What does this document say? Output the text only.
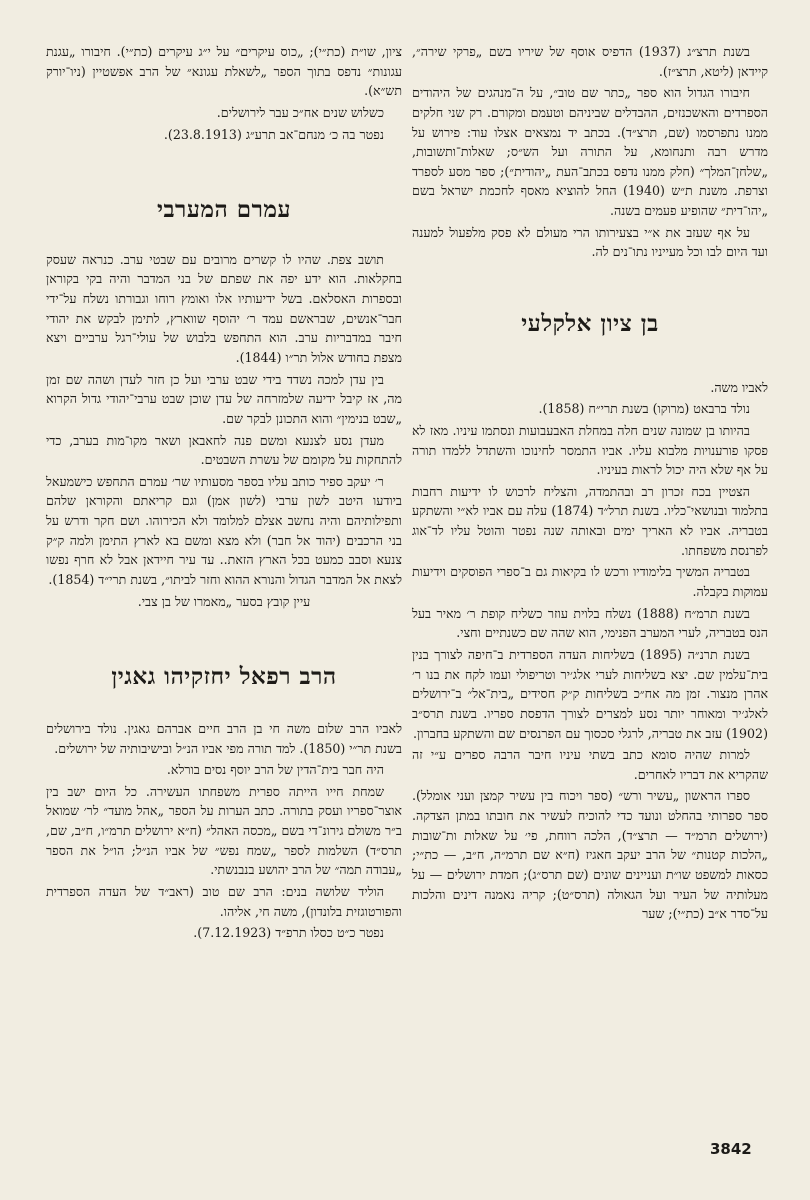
בשנת תרצ״ג (1937) הדפיס אוסף של שיריו בשם „פרקי שירה״, קיידאן (ליטא, תרצ״ז).

חיבורו הגדול הוא ספר „כתר שם טוב״, על ה־מנהגים של היהודים הספרדים והאשכנזים, ההבדלים שביניהם וטעמם ומקורם. רק שני חלקים ממנו נתפרסמו (שם, תרצ״ד). בכתב יד נמצאים אצלו עוד: פירוש על מדרש רבה ותנחומא, על התורה ועל הש״ס; שאלות־ותשובות, „שלחן־המלך״ (חלק ממנו נדפס בכתב־העת „יהודית״); ספר מסע לספרד וצרפת. משנת ת״ש (1940) החל להוציא מאסף לחכמת ישראל בשם „יהו־דית״ שהופיע פעמים בשנה.

על אף שעזב את א״י בצעירותו הרי מעולם לא פסק מלפעול למענה ועד היום לבו וכל מעייניו נתו־נים לה.

בן ציון אלקלעי

לאביו משה.

נולד ברבאט (מרוקו) בשנת תרי״ח (1858).

בהיותו בן שמונה שנים חלה במחלת האבעבועות ונסתמו עיניו. מאז לא פסקו פורענויות מלבוא עליו. אביו התמסר לחינוכו והשתדל ללמדו תורה על אף שלא היה יכול לראות בעיניו.

הצטיין בכח זכרון רב ובהתמדה, והצליח לרכוש לו ידיעות רחבות בתלמוד ובנושאי־כליו. בשנת תרל״ד (1874) עלה עם אביו לא״י והשתקע בטבריה. אביו לא האריך ימים ובאותה שנה נפטר והוטל עליו לד־אוג לפרנסת משפחתו.

בטבריה המשיך בלימודיו ורכש לו בקיאות גם ב־ספרי הפוסקים וידיעות עמוקות בקבלה.

בשנת תרמ״ח (1888) נשלח בלוית עוזר כשליח קופת ר׳ מאיר בעל הנס בטבריה, לערי המערב הפנימי, הוא שהה שם כשנתיים וחצי.

בשנת תרנ״ה (1895) בשליחות העדה הספרדית ב־חיפה לצורך בנין בית־עלמין שם. יצא בשליחות לערי אלג׳יר וטריפולי ועמו לקח את בנו ר׳ אהרן מנצור. זמן מה אח״כ בשליחות ק״ק חסידים „בית־אל״ ב־ירושלים לאלג׳יר ומאוחר יותר נסע למצרים לצורך הדפסת ספריו. בשנת תרס״ב (1902) עזב את טבריה, לרגלי סכסוך עם הפרנסים שם והשתקע בחברון.

למרות שהיה סומא כתב בשתי עיניו חיבר הרבה ספרים ע״י זה שהקריא את דבריו לאחרים.

ספרו הראשון „עשיר ורש״ (ספר ויכוח בין עשיר קמצן ועני אומלל). ספר ספרותי בהחלט ונועד כדי להוכיח לעשיר את חובתו במתן הצדקה. (ירושלים תרמ״ד — תרצ״ד), הלכה רווחת, פי׳ על שאלות ות־שובות „הלכות קטנות״ של הרב יעקב חאגיז (ח״א שם תרמ״ה, ח״ב, — כת״י; כסאות למשפט שו״ת ועניינים שונים (שם תרס״ג); חמדת ירושלים — על מעלותיה של העיר ועל הגאולה (תרס״ט); קריה נאמנה דינים והלכות על־סדר א״ב (כת״י); שער

ציון, שו״ת (כת״י); „כוס עיקרים״ על י״ג עיקרים (כת״י). חיבורו „עגנת עגונות״ נדפס בתוך הספר „לשאלת עגונא״ של הרב אפשטיין (ניו־יורק תש״א).

כשלוש שנים אח״כ עבר לירושלים.

נפטר בה כ׳ מנחם־אב תרע״ג (23.8.1913).

עמרם המערבי

תושב צפת. שהיו לו קשרים מרובים עם שבטי ערב. כנראה שעסק בחקלאות. הוא ידע יפה את שפתם של בני המדבר והיה בקי בקוראן ובספרות האסלאם. בשל ידיעותיו אלו ואומץ רוחו וגבורתו נשלח על־ידי חבר־אנשים, שבראשם עמד ר׳ יהוסף שווארץ, לתימן לבקש את יהודי חיבר במדבריות ערב. הוא התחפש בלבוש של עולי־רגל ערביים ויצא מצפת בחודש אלול תר״ו (1844).

בין עדן למכה נשדד בידי שבט ערבי ועל כן חזר לעדן ושהה שם זמן מה, אז קיבל ידיעה שלמזרחה של עדן שוכן שבט ערבי־יהודי גדול הקרוא „שבט בנימין״ והוא התכונן לבקר שם.

מעדן נסע לצנעא ומשם פנה לחאבאן ושאר מקו־מות בערב, כדי להתחקות על מקומם של עשרת השבטים.

ר׳ יעקב ספיר כותב עליו בספר מסעותיו שר׳ עמרם התחפש כישמעאל ביודעו היטב לשון ערבי (לשון אמן) וגם קריאתם והקוראן שלהם ותפילותיהם והיה נחשב אצלם למלומד ולא הכירוהו. ושם חקר ודרש על בני הרכבים (יהוד אל חבר) ולא מצא ומשם בא לארץ התימן ולמה ק״ק צנעא וסבב כמעט בכל הארץ הזאת.. עד עיר חיידאן אבל לא חרף נפשו לצאת אל המדבר הגדול והנורא ההוא וחזר לביתו״, בשנת תרי״ד (1854).

עיין קובץ בסער „מאמרו של בן צבי.

הרב רפאל יחזקיהו גאגין

לאביו הרב שלום משה חי בן הרב חיים אברהם גאגין. נולד בירושלים בשנת תר״י (1850). למד תורה מפי אביו הנ״ל ובישיבותיה של ירושלים.

היה חבר בית־הדין של הרב יוסף נסים בורלא.

שמחת חייו הייתה ספרית משפחתו העשירה. כל היום ישב בין אוצר־ספריו ועסק בתורה. כתב הערות על הספר „אהל מועד״ לר׳ שמואל ב״ר משולם גירונ־די בשם „מכסה האהל״ (ח״א ירושלים תרמ״ו, ח״ב, שם, תרס״ד) השלמות לספר „שמח נפש״ של אביו הנ״ל; הו״ל את הספר „עבודה תמה״ של הרב יהושע בנבנשתי.

הוליד שלושה בנים: הרב שם טוב (ראב״ד של העדה הספרדית והפורטוגזית בלונדון), משה חי, אליהו.

נפטר כ״ט כסלו תרפ״ד (7.12.1923).

3842
